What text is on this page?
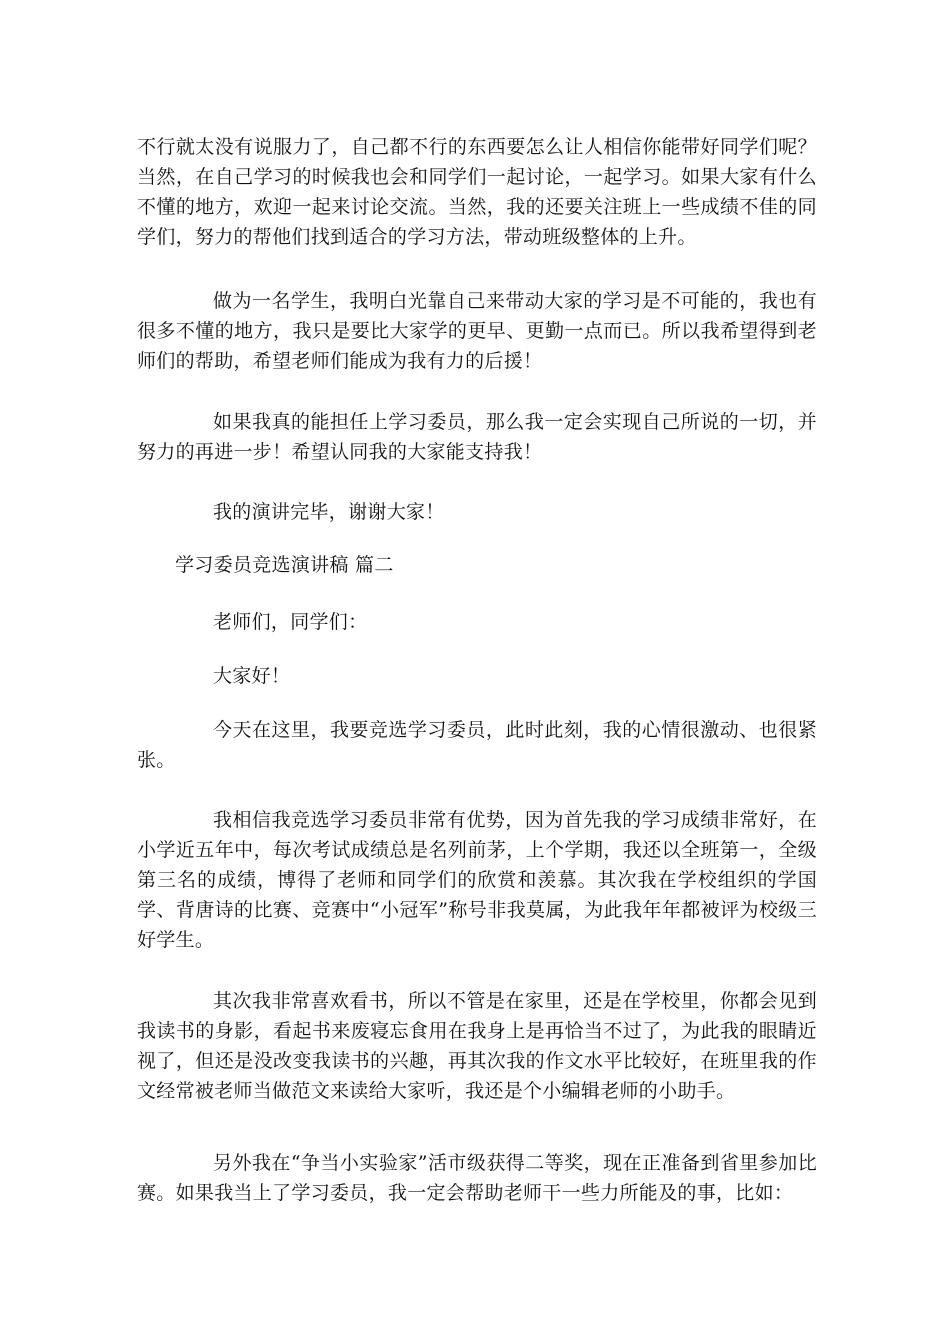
不行就太没有说服力了，自己都不行的东西要怎么让人相信你能带好同学们呢？当然，在自己学习的时候我也会和同学们一起讨论，一起学习。如果大家有什么不懂的地方，欢迎一起来讨论交流。当然，我的还要关注班上一些成绩不佳的同学们，努力的帮他们找到适合的学习方法，带动班级整体的上升。

做为一名学生，我明白光靠自己来带动大家的学习是不可能的，我也有很多不懂的地方，我只是要比大家学的更早、更勤一点而已。所以我希望得到老师们的帮助，希望老师们能成为我有力的后援！

如果我真的能担任上学习委员，那么我一定会实现自己所说的一切，并努力的再进一步！希望认同我的大家能支持我！

我的演讲完毕，谢谢大家！

学习委员竞选演讲稿 篇二

老师们，同学们：

大家好！

今天在这里，我要竞选学习委员，此时此刻，我的心情很激动、也很紧张。

我相信我竞选学习委员非常有优势，因为首先我的学习成绩非常好，在小学近五年中，每次考试成绩总是名列前茅，上个学期，我还以全班第一，全级第三名的成绩，博得了老师和同学们的欣赏和羡慕。其次我在学校组织的学国学、背唐诗的比赛、竞赛中“小冠军”称号非我莫属，为此我年年都被评为校级三好学生。

其次我非常喜欢看书，所以不管是在家里，还是在学校里，你都会见到我读书的身影，看起书来废寝忘食用在我身上是再恰当不过了，为此我的眼睛近视了，但还是没改变我读书的兴趣，再其次我的作文水平比较好，在班里我的作文经常被老师当做范文来读给大家听，我还是个小编辑老师的小助手。

另外我在“争当小实验家”活市级获得二等奖，现在正准备到省里参加比赛。如果我当上了学习委员，我一定会帮助老师干一些力所能及的事，比如：
